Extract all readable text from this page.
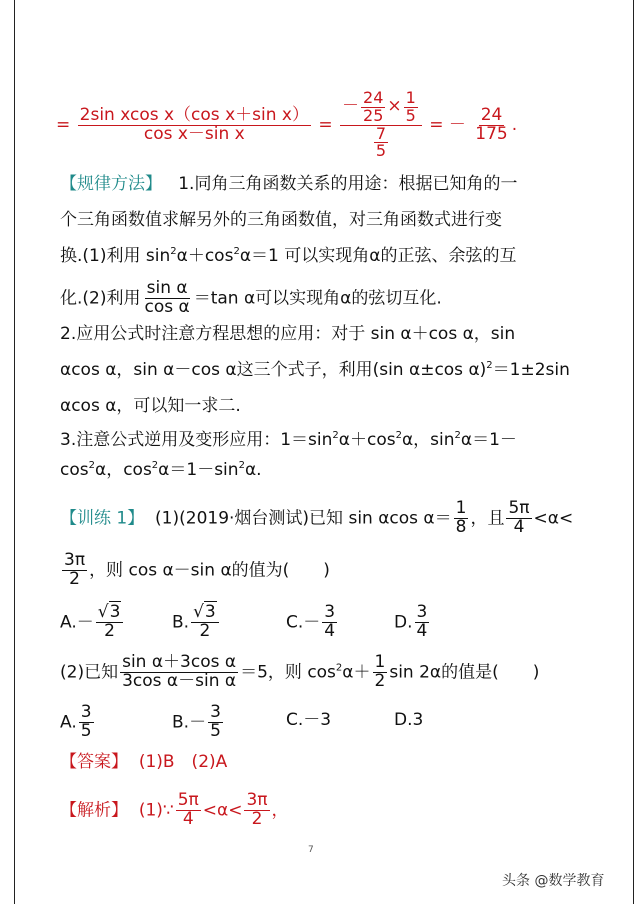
= $\frac{\text{2sin xcos x（cos x＋sin x）}}{\text{cos x－sin x}} = \frac{- \frac{24}{25} \times \frac{1}{5}}{\frac{7}{5}}$ = － $\frac{24}{175}$ .
【规律方法】 1.同角三角函数关系的用途：根据已知角的一
个三角函数值求解另外的三角函数值，对三角函数式进行变
换.(1)利用 $\sin^2\alpha+\cos^2\alpha=1$ 可以实现角α的正弦、余弦的互
化.(2)利用 $\frac{\text{sin α}}{\text{cos α}} =\tan$ α可以实现角α的弦切互化.
2.应用公式时注意方程思想的应用：对于 sin α＋cos α，sin
αcos α，sin α－cos α这三个式子，利用(sin α±cos α)$^2$＝1±2sin
αcos α，可以知一求二.
3.注意公式逆用及变形应用：$1=\sin^2\alpha+\cos^2\alpha$，$\sin^2\alpha=1-$
$\cos^2\alpha$，$\cos^2\alpha=1-\sin^2\alpha$.
【训练 1】 (1)(2019·烟台测试)已知 sin αcos $\alpha= \frac{1}{8}$ ，且 $\frac{5\pi}{4} <\alpha<$
$\frac{3\pi}{2}$ ，则 cos α－sin α的值为(　　)
$A.- \frac{√3}{2}$	B. $\frac{√3}{2}$	$C.- \frac{3}{4}$	D. $\frac{3}{4}$
(2)已知 $\frac{\text{sin α＋3cos α}}{\text{3cos α－sin α}} =5$，则 $\cos^2\alpha+ \frac{1}{2}$ sin 2α的值是(　　)
A. $\frac{3}{5}$	$B.- \frac{3}{5}$	C.－3	D.3
【答案】 (1)B　(2)A
【解析】 (1)∵ $\frac{5\pi}{4} <\alpha< \frac{3\pi}{2}$ ，
7
头条 @数学教育
